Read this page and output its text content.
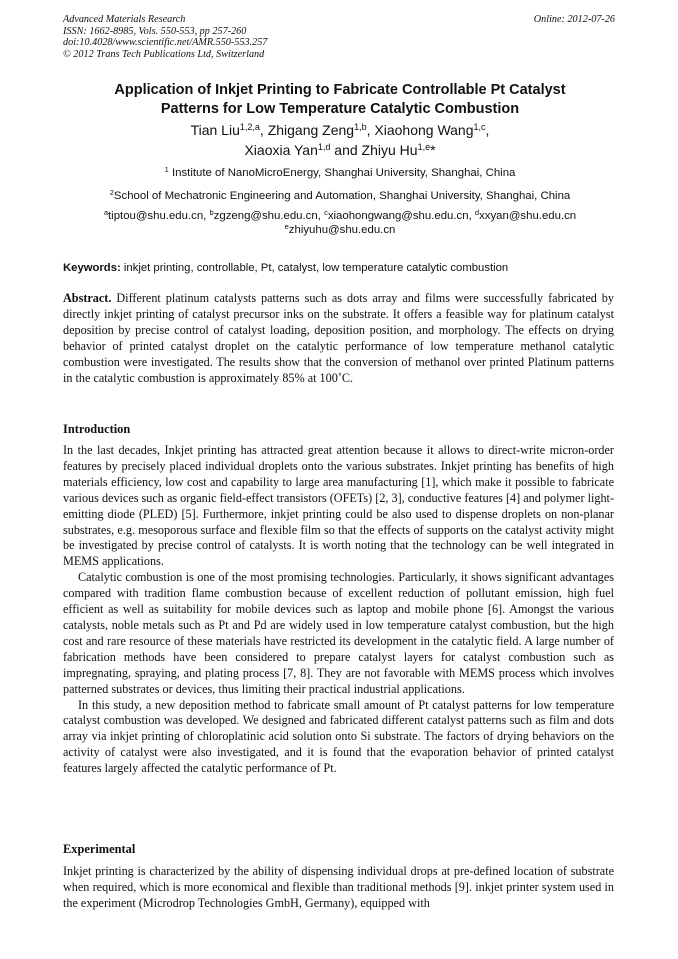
Advanced Materials Research
ISSN: 1662-8985, Vols. 550-553, pp 257-260
doi:10.4028/www.scientific.net/AMR.550-553.257
© 2012 Trans Tech Publications Ltd, Switzerland
Online: 2012-07-26
Application of Inkjet Printing to Fabricate Controllable Pt Catalyst
Patterns for Low Temperature Catalytic Combustion
Tian Liu$^{1,2,a}$, Zhigang Zeng$^{1,b}$, Xiaohong Wang$^{1,c}$,
Xiaoxia Yan$^{1,d}$ and Zhiyu Hu$^{1,e}$*
$^1$ Institute of NanoMicroEnergy, Shanghai University, Shanghai, China
$^2$School of Mechatronic Engineering and Automation, Shanghai University, Shanghai, China
$^a$tiptou@shu.edu.cn, $^b$zgzeng@shu.edu.cn, $^c$xiaohongwang@shu.edu.cn, $^d$xxyan@shu.edu.cn
$^e$zhiyuhu@shu.edu.cn
Keywords: inkjet printing, controllable, Pt, catalyst, low temperature catalytic combustion

Abstract. Different platinum catalysts patterns such as dots array and films were successfully fabricated by directly inkjet printing of catalyst precursor inks on the substrate. It offers a feasible way for platinum catalyst deposition by precise control of catalyst loading, deposition position, and morphology. The effects on drying behavior of printed catalyst droplet on the catalytic performance of low temperature methanol catalytic combustion were investigated. The results show that the conversion of methanol over printed Platinum patterns in the catalytic combustion is approximately 85% at 100˚C.

Introduction

In the last decades, Inkjet printing has attracted great attention because it allows to direct-write micron-order features by precisely placed individual droplets onto the various substrates. Inkjet printing has benefits of high materials efficiency, low cost and capability to large area manufacturing [1], which make it possible to fabricate various devices such as organic field-effect transistors (OFETs) [2, 3], conductive features [4] and polymer light-emitting diode (PLED) [5]. Furthermore, inkjet printing could be also used to dispense droplets on non-planar substrates, e.g. mesoporous surface and flexible film so that the effects of supports on the catalyst activity might be investigated by precise control of catalysts. It is worth noting that the technology can be well integrated in MEMS applications.

Catalytic combustion is one of the most promising technologies. Particularly, it shows significant advantages compared with tradition flame combustion because of excellent reduction of pollutant emission, high fuel efficient as well as suitability for mobile devices such as laptop and mobile phone [6]. Amongst the various catalysts, noble metals such as Pt and Pd are widely used in low temperature catalyst combustion, but the high cost and rare resource of these materials have restricted its development in the catalytic field. A large number of fabrication methods have been considered to prepare catalyst layers for catalyst combustion such as impregnating, spraying, and plating process [7, 8]. They are not favorable with MEMS process which involves patterned substrates or devices, thus limiting their practical industrial applications.

In this study, a new deposition method to fabricate small amount of Pt catalyst patterns for low temperature catalyst combustion was developed. We designed and fabricated different catalyst patterns such as film and dots array via inkjet printing of chloroplatinic acid solution onto Si substrate. The factors of drying behaviors on the activity of catalyst were also investigated, and it is found that the evaporation behavior of printed catalyst features largely affected the catalytic performance of Pt.

Experimental

Inkjet printing is characterized by the ability of dispensing individual drops at pre-defined location of substrate when required, which is more economical and flexible than traditional methods [9]. inkjet printer system used in the experiment (Microdrop Technologies GmbH, Germany), equipped with
